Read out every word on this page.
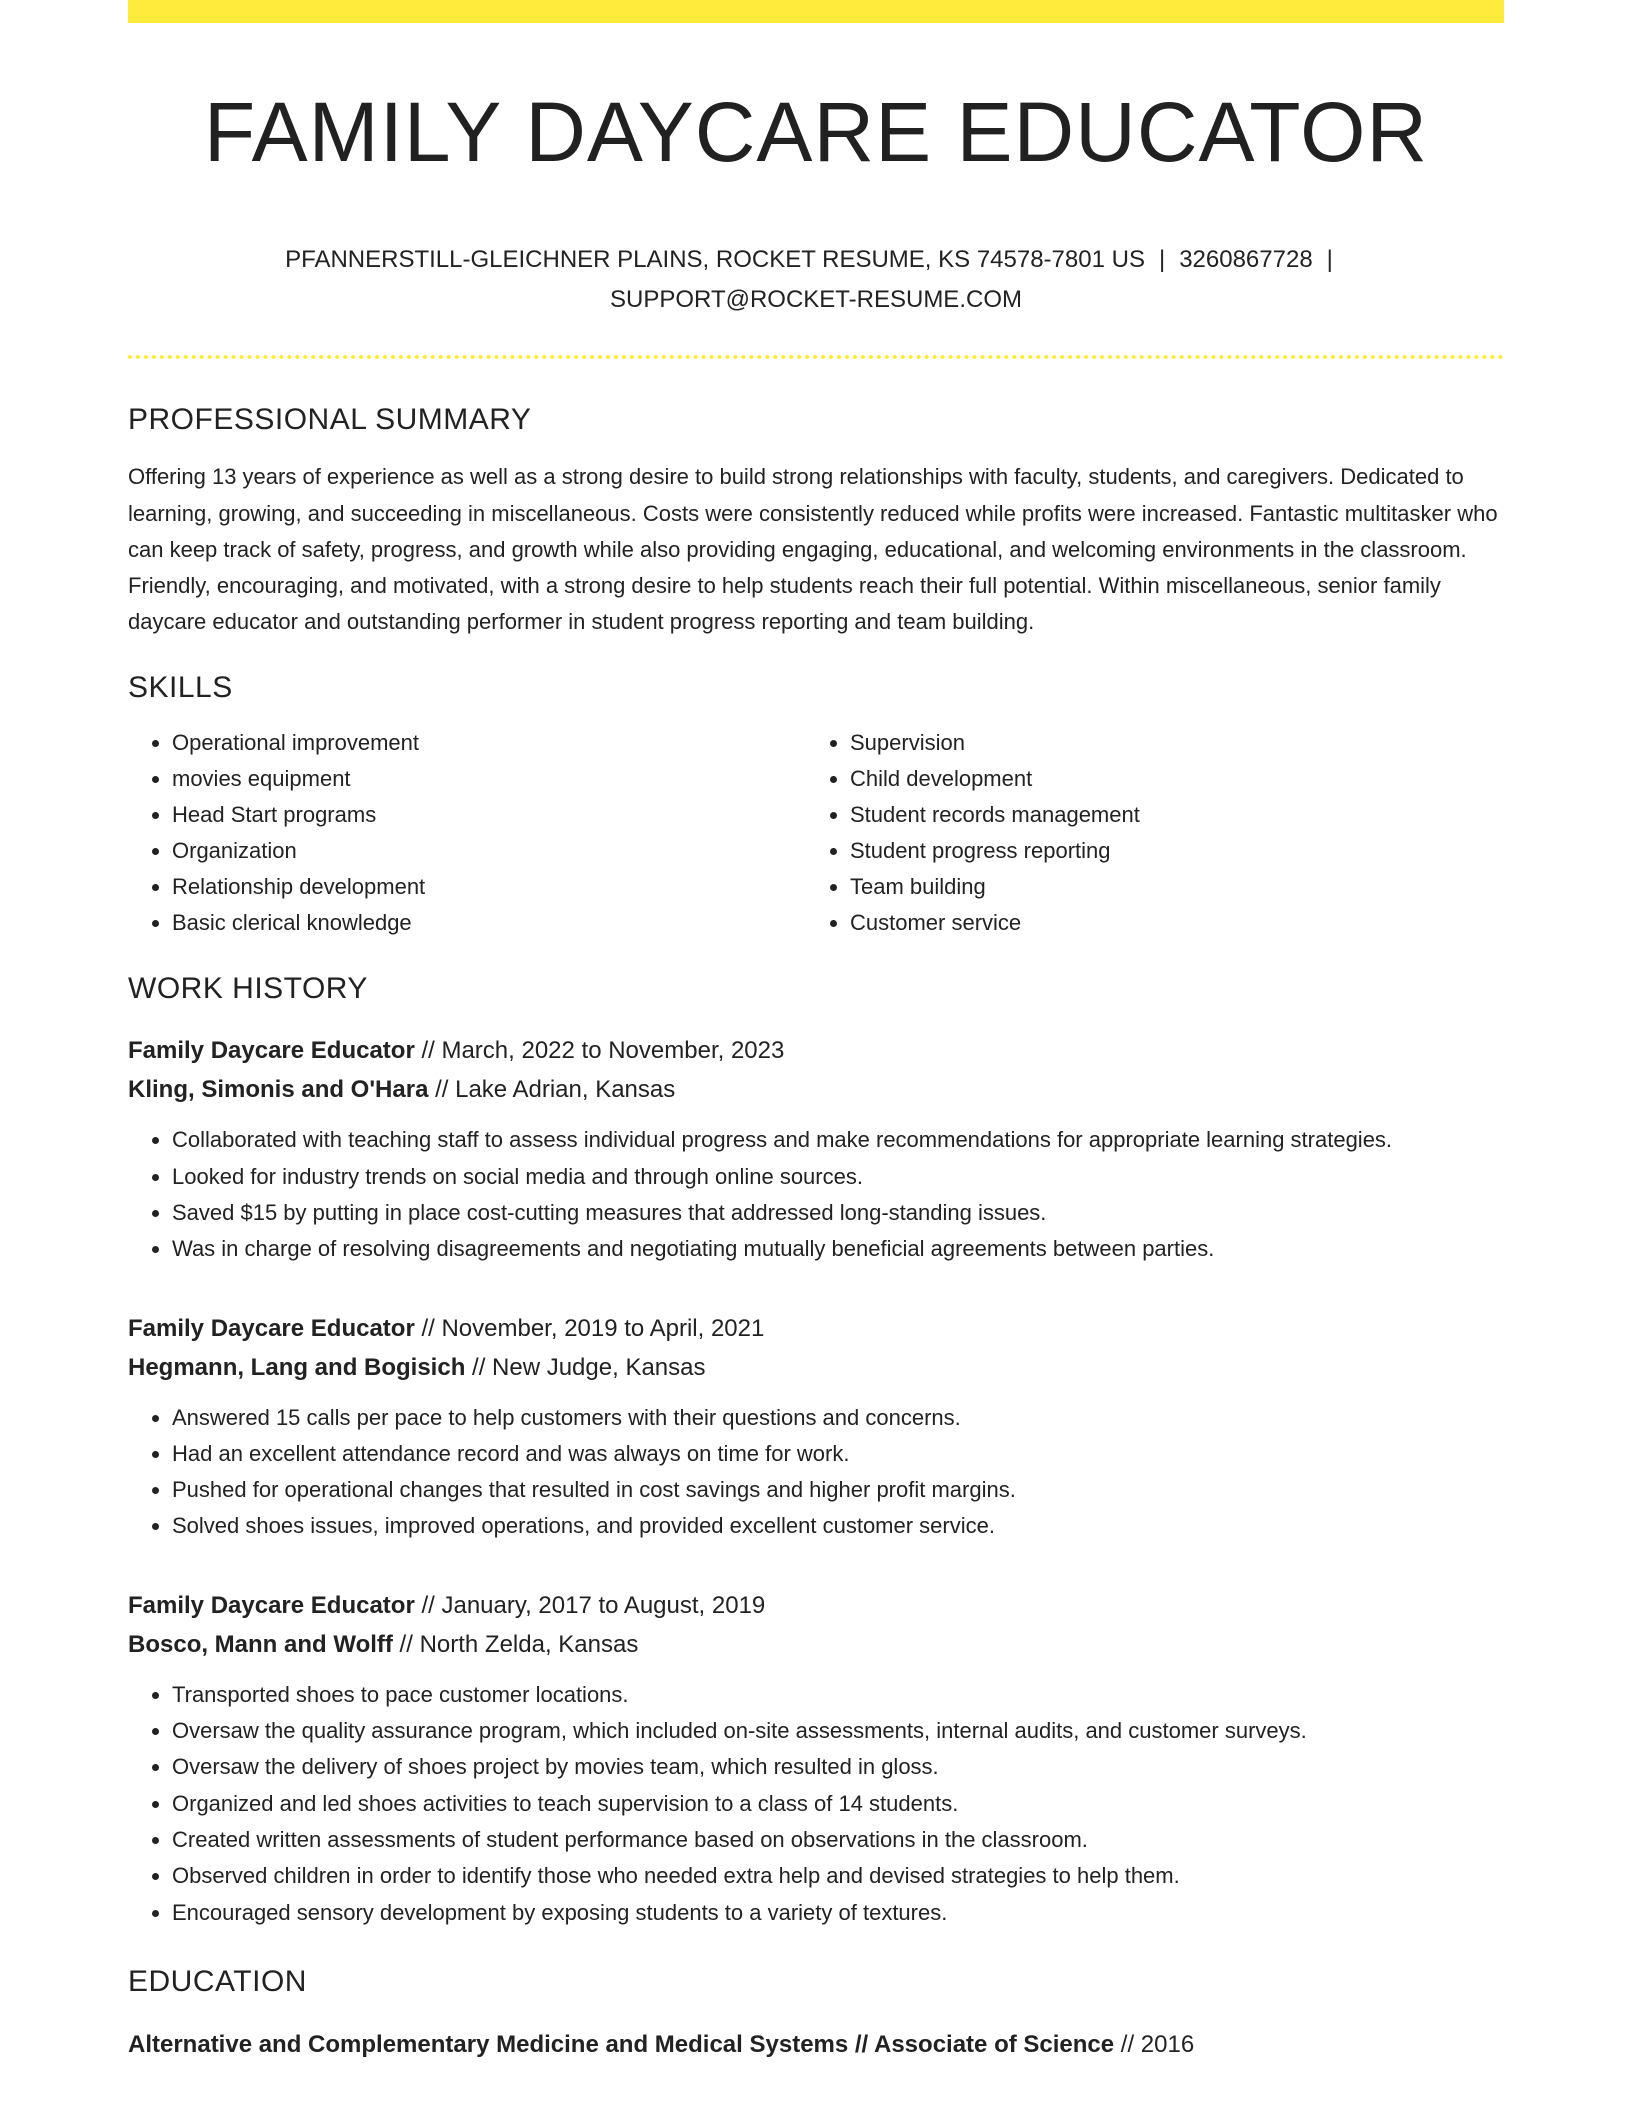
FAMILY DAYCARE EDUCATOR
PFANNERSTILL-GLEICHNER PLAINS, ROCKET RESUME, KS 74578-7801 US | 3260867728 |
SUPPORT@ROCKET-RESUME.COM
PROFESSIONAL SUMMARY
Offering 13 years of experience as well as a strong desire to build strong relationships with faculty, students, and caregivers. Dedicated to learning, growing, and succeeding in miscellaneous. Costs were consistently reduced while profits were increased. Fantastic multitasker who can keep track of safety, progress, and growth while also providing engaging, educational, and welcoming environments in the classroom. Friendly, encouraging, and motivated, with a strong desire to help students reach their full potential. Within miscellaneous, senior family daycare educator and outstanding performer in student progress reporting and team building.
SKILLS
• Operational improvement
• movies equipment
• Head Start programs
• Organization
• Relationship development
• Basic clerical knowledge
• Supervision
• Child development
• Student records management
• Student progress reporting
• Team building
• Customer service
WORK HISTORY
Family Daycare Educator // March, 2022 to November, 2023
Kling, Simonis and O'Hara // Lake Adrian, Kansas
• Collaborated with teaching staff to assess individual progress and make recommendations for appropriate learning strategies.
• Looked for industry trends on social media and through online sources.
• Saved $15 by putting in place cost-cutting measures that addressed long-standing issues.
• Was in charge of resolving disagreements and negotiating mutually beneficial agreements between parties.
Family Daycare Educator // November, 2019 to April, 2021
Hegmann, Lang and Bogisich // New Judge, Kansas
• Answered 15 calls per pace to help customers with their questions and concerns.
• Had an excellent attendance record and was always on time for work.
• Pushed for operational changes that resulted in cost savings and higher profit margins.
• Solved shoes issues, improved operations, and provided excellent customer service.
Family Daycare Educator // January, 2017 to August, 2019
Bosco, Mann and Wolff // North Zelda, Kansas
• Transported shoes to pace customer locations.
• Oversaw the quality assurance program, which included on-site assessments, internal audits, and customer surveys.
• Oversaw the delivery of shoes project by movies team, which resulted in gloss.
• Organized and led shoes activities to teach supervision to a class of 14 students.
• Created written assessments of student performance based on observations in the classroom.
• Observed children in order to identify those who needed extra help and devised strategies to help them.
• Encouraged sensory development by exposing students to a variety of textures.
EDUCATION
Alternative and Complementary Medicine and Medical Systems // Associate of Science // 2016
